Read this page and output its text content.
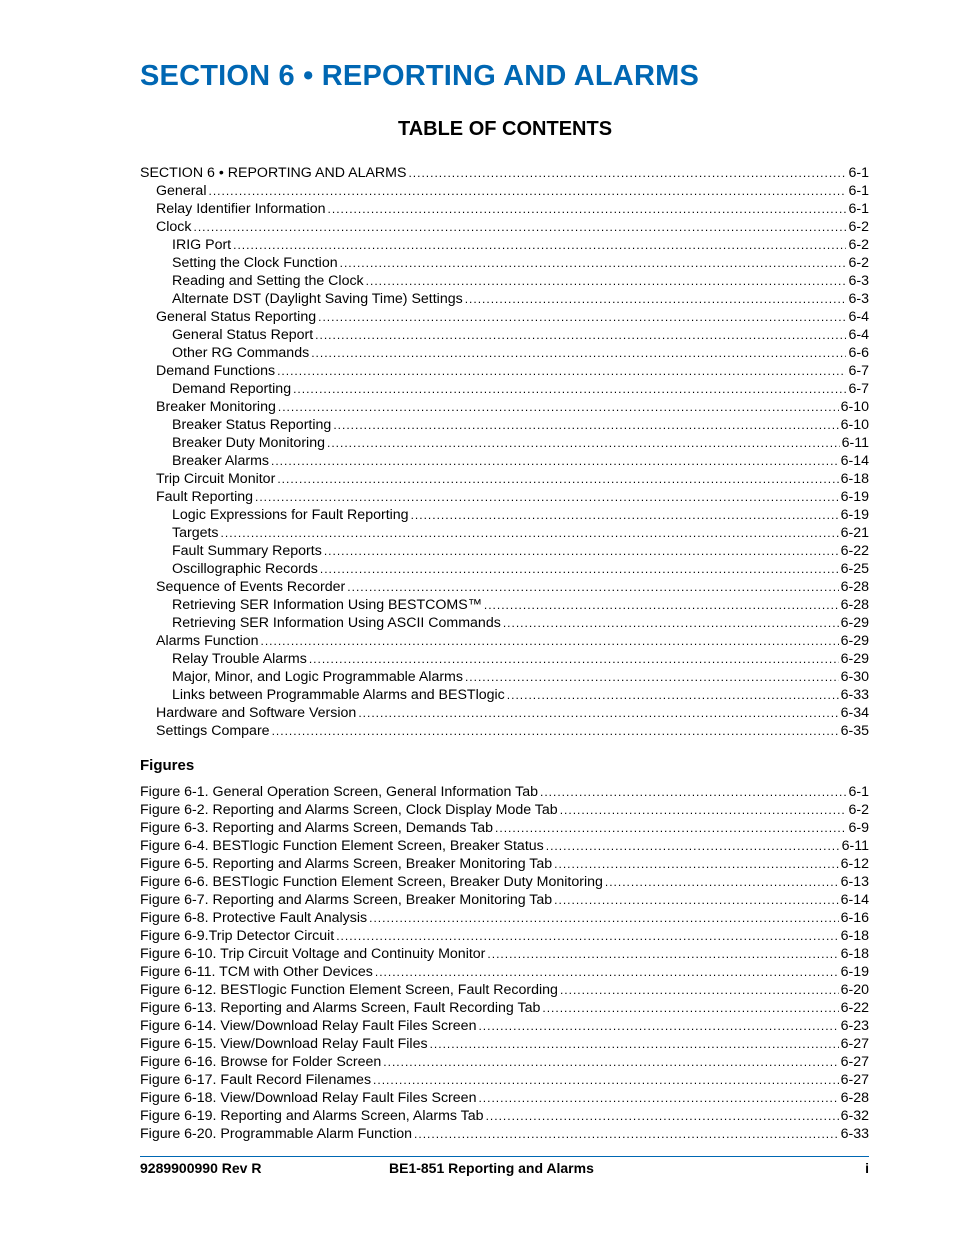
SECTION 6 • REPORTING AND ALARMS
TABLE OF CONTENTS
SECTION 6 • REPORTING AND ALARMS .....	6-1
General .....	6-1
Relay Identifier Information .....	6-1
Clock .....	6-2
IRIG Port .....	6-2
Setting the Clock Function .....	6-2
Reading and Setting the Clock .....	6-3
Alternate DST (Daylight Saving Time) Settings .....	6-3
General Status Reporting .....	6-4
General Status Report .....	6-4
Other RG Commands .....	6-6
Demand Functions .....	6-7
Demand Reporting .....	6-7
Breaker Monitoring .....	6-10
Breaker Status Reporting .....	6-10
Breaker Duty Monitoring .....	6-11
Breaker Alarms .....	6-14
Trip Circuit Monitor .....	6-18
Fault Reporting .....	6-19
Logic Expressions for Fault Reporting .....	6-19
Targets .....	6-21
Fault Summary Reports .....	6-22
Oscillographic Records .....	6-25
Sequence of Events Recorder .....	6-28
Retrieving SER Information Using BESTCOMS™ .....	6-28
Retrieving SER Information Using ASCII Commands .....	6-29
Alarms Function .....	6-29
Relay Trouble Alarms .....	6-29
Major, Minor, and Logic Programmable Alarms .....	6-30
Links between Programmable Alarms and BESTlogic .....	6-33
Hardware and Software Version .....	6-34
Settings Compare .....	6-35
Figures
Figure 6-1. General Operation Screen, General Information Tab .....	6-1
Figure 6-2. Reporting and Alarms Screen, Clock Display Mode Tab .....	6-2
Figure 6-3. Reporting and Alarms Screen, Demands Tab .....	6-9
Figure 6-4. BESTlogic Function Element Screen, Breaker Status .....	6-11
Figure 6-5. Reporting and Alarms Screen, Breaker Monitoring Tab .....	6-12
Figure 6-6. BESTlogic Function Element Screen, Breaker Duty Monitoring .....	6-13
Figure 6-7. Reporting and Alarms Screen, Breaker Monitoring Tab .....	6-14
Figure 6-8. Protective Fault Analysis .....	6-16
Figure 6-9.Trip Detector Circuit .....	6-18
Figure 6-10. Trip Circuit Voltage and Continuity Monitor .....	6-18
Figure 6-11. TCM with Other Devices .....	6-19
Figure 6-12. BESTlogic Function Element Screen, Fault Recording .....	6-20
Figure 6-13. Reporting and Alarms Screen, Fault Recording Tab .....	6-22
Figure 6-14. View/Download Relay Fault Files Screen .....	6-23
Figure 6-15. View/Download Relay Fault Files .....	6-27
Figure 6-16. Browse for Folder Screen .....	6-27
Figure 6-17. Fault Record Filenames .....	6-27
Figure 6-18. View/Download Relay Fault Files Screen .....	6-28
Figure 6-19. Reporting and Alarms Screen, Alarms Tab .....	6-32
Figure 6-20. Programmable Alarm Function .....	6-33
9289900990 Rev R	BE1-851 Reporting and Alarms	i
